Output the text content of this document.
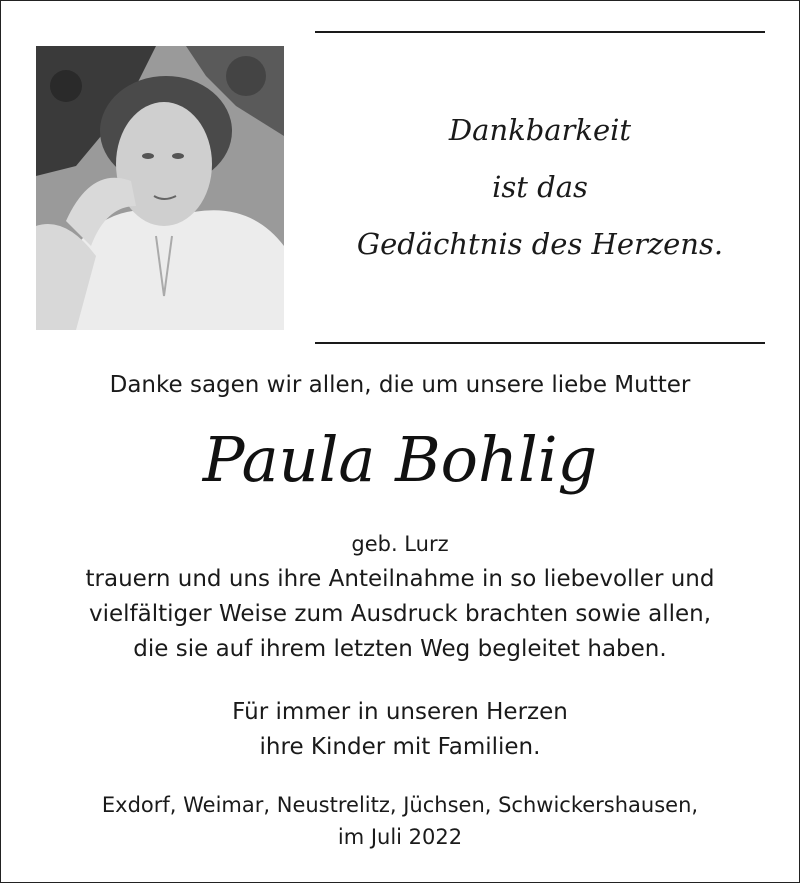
Dankbarkeit
ist das
Gedächtnis des Herzens.
Danke sagen wir allen, die um unsere liebe Mutter
Paula Bohlig
geb. Lurz
trauern und uns ihre Anteilnahme in so liebevoller und
vielfältiger Weise zum Ausdruck brachten sowie allen,
die sie auf ihrem letzten Weg begleitet haben.
Für immer in unseren Herzen
ihre Kinder mit Familien.
Exdorf, Weimar, Neustrelitz, Jüchsen, Schwickershausen,
im Juli 2022
